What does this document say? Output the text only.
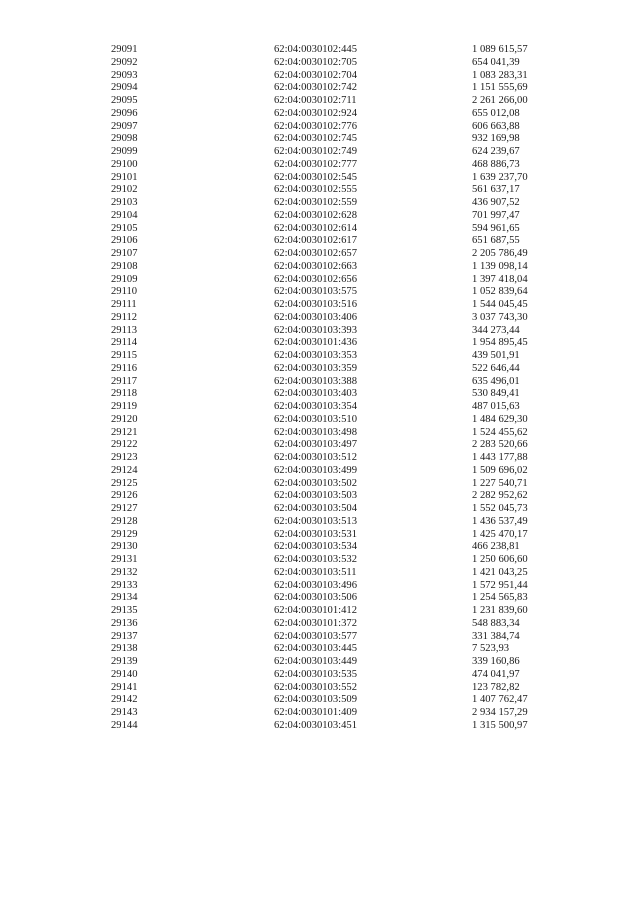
29091	62:04:0030102:445	1 089 615,57
29092	62:04:0030102:705	654 041,39
29093	62:04:0030102:704	1 083 283,31
29094	62:04:0030102:742	1 151 555,69
29095	62:04:0030102:711	2 261 266,00
29096	62:04:0030102:924	655 012,08
29097	62:04:0030102:776	606 663,88
29098	62:04:0030102:745	932 169,98
29099	62:04:0030102:749	624 239,67
29100	62:04:0030102:777	468 886,73
29101	62:04:0030102:545	1 639 237,70
29102	62:04:0030102:555	561 637,17
29103	62:04:0030102:559	436 907,52
29104	62:04:0030102:628	701 997,47
29105	62:04:0030102:614	594 961,65
29106	62:04:0030102:617	651 687,55
29107	62:04:0030102:657	2 205 786,49
29108	62:04:0030102:663	1 139 098,14
29109	62:04:0030102:656	1 397 418,04
29110	62:04:0030103:575	1 052 839,64
29111	62:04:0030103:516	1 544 045,45
29112	62:04:0030103:406	3 037 743,30
29113	62:04:0030103:393	344 273,44
29114	62:04:0030101:436	1 954 895,45
29115	62:04:0030103:353	439 501,91
29116	62:04:0030103:359	522 646,44
29117	62:04:0030103:388	635 496,01
29118	62:04:0030103:403	530 849,41
29119	62:04:0030103:354	487 015,63
29120	62:04:0030103:510	1 484 629,30
29121	62:04:0030103:498	1 524 455,62
29122	62:04:0030103:497	2 283 520,66
29123	62:04:0030103:512	1 443 177,88
29124	62:04:0030103:499	1 509 696,02
29125	62:04:0030103:502	1 227 540,71
29126	62:04:0030103:503	2 282 952,62
29127	62:04:0030103:504	1 552 045,73
29128	62:04:0030103:513	1 436 537,49
29129	62:04:0030103:531	1 425 470,17
29130	62:04:0030103:534	466 238,81
29131	62:04:0030103:532	1 250 606,60
29132	62:04:0030103:511	1 421 043,25
29133	62:04:0030103:496	1 572 951,44
29134	62:04:0030103:506	1 254 565,83
29135	62:04:0030101:412	1 231 839,60
29136	62:04:0030101:372	548 883,34
29137	62:04:0030103:577	331 384,74
29138	62:04:0030103:445	7 523,93
29139	62:04:0030103:449	339 160,86
29140	62:04:0030103:535	474 041,97
29141	62:04:0030103:552	123 782,82
29142	62:04:0030103:509	1 407 762,47
29143	62:04:0030101:409	2 934 157,29
29144	62:04:0030103:451	1 315 500,97
